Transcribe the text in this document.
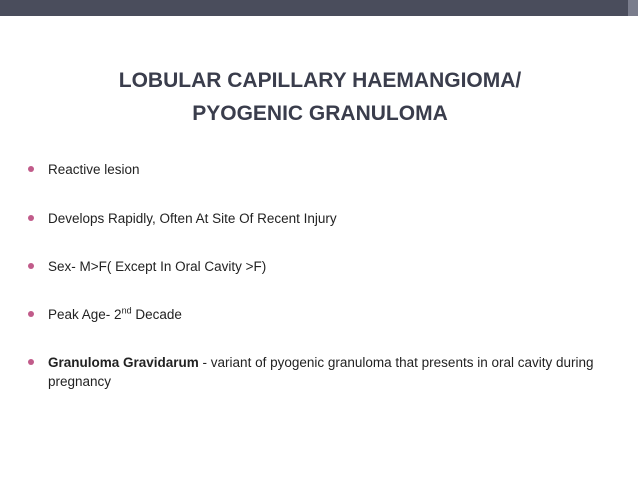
LOBULAR CAPILLARY HAEMANGIOMA/
PYOGENIC GRANULOMA
Reactive lesion
Develops Rapidly, Often At Site Of Recent Injury
Sex- M>F( Except In Oral Cavity >F)
Peak Age- 2nd Decade
Granuloma Gravidarum - variant of pyogenic granuloma that presents in oral cavity during pregnancy
